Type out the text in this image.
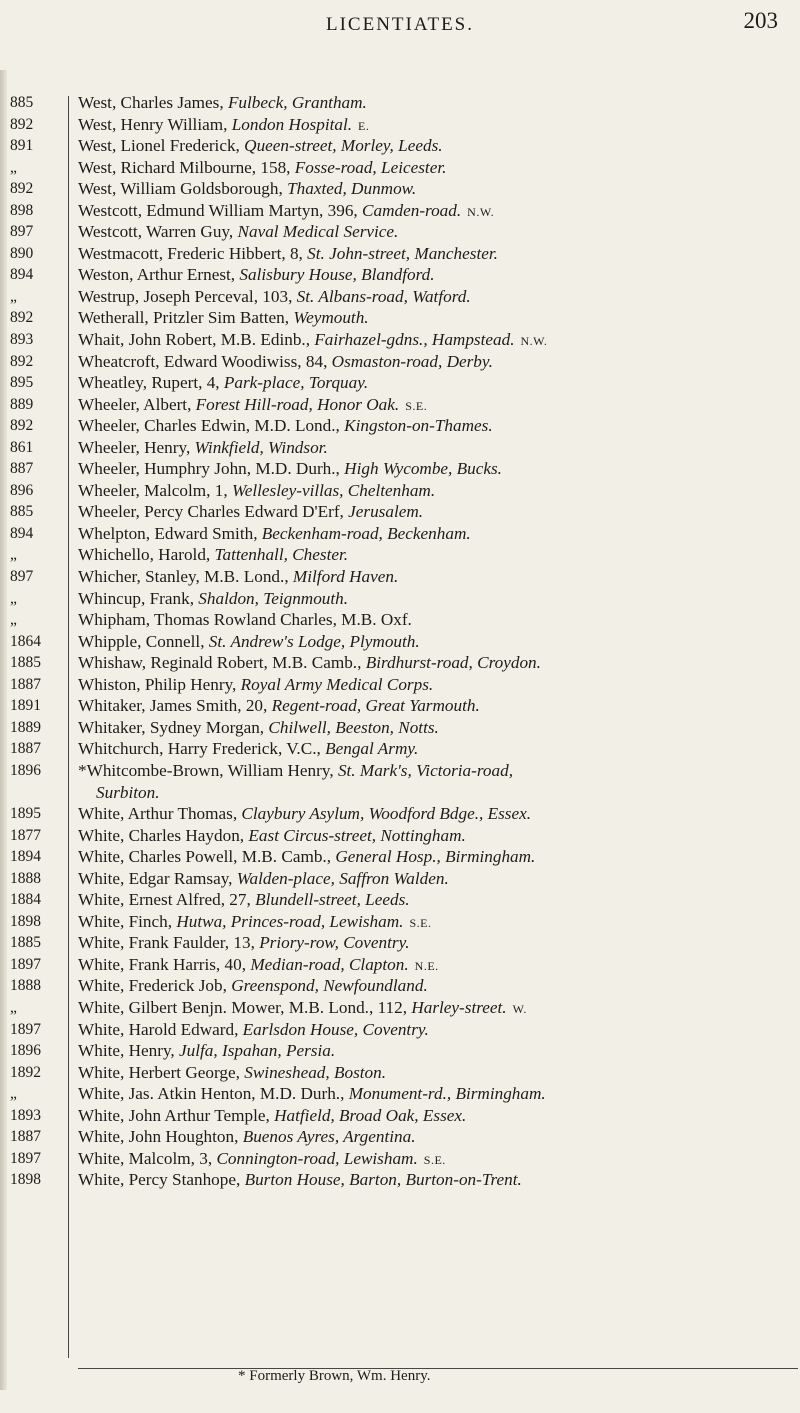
LICENTIATES.	203
885	West, Charles James, Fulbeck, Grantham.
892	West, Henry William, London Hospital. E.
891	West, Lionel Frederick, Queen-street, Morley, Leeds.
„	West, Richard Milbourne, 158, Fosse-road, Leicester.
892	West, William Goldsborough, Thaxted, Dunmow.
898	Westcott, Edmund William Martyn, 396, Camden-road. N.W.
897	Westcott, Warren Guy, Naval Medical Service.
890	Westmacott, Frederic Hibbert, 8, St. John-street, Manchester.
894	Weston, Arthur Ernest, Salisbury House, Blandford.
„	Westrup, Joseph Perceval, 103, St. Albans-road, Watford.
892	Wetherall, Pritzler Sim Batten, Weymouth.
893	Whait, John Robert, M.B. Edinb., Fairhazel-gdns., Hampstead. N.W.
892	Wheatcroft, Edward Woodiwiss, 84, Osmaston-road, Derby.
895	Wheatley, Rupert, 4, Park-place, Torquay.
889	Wheeler, Albert, Forest Hill-road, Honor Oak. S.E.
892	Wheeler, Charles Edwin, M.D. Lond., Kingston-on-Thames.
861	Wheeler, Henry, Winkfield, Windsor.
887	Wheeler, Humphry John, M.D. Durh., High Wycombe, Bucks.
896	Wheeler, Malcolm, 1, Wellesley-villas, Cheltenham.
885	Wheeler, Percy Charles Edward D'Erf, Jerusalem.
894	Whelpton, Edward Smith, Beckenham-road, Beckenham.
„	Whichello, Harold, Tattenhall, Chester.
897	Whicher, Stanley, M.B. Lond., Milford Haven.
„	Whincup, Frank, Shaldon, Teignmouth.
„	Whipham, Thomas Rowland Charles, M.B. Oxf.
1864	Whipple, Connell, St. Andrew's Lodge, Plymouth.
1885	Whishaw, Reginald Robert, M.B. Camb., Birdhurst-road, Croydon.
1887	Whiston, Philip Henry, Royal Army Medical Corps.
1891	Whitaker, James Smith, 20, Regent-road, Great Yarmouth.
1889	Whitaker, Sydney Morgan, Chilwell, Beeston, Notts.
1887	Whitchurch, Harry Frederick, V.C., Bengal Army.
1896	*Whitcombe-Brown, William Henry, St. Mark's, Victoria-road,
Surbiton.
1895	White, Arthur Thomas, Claybury Asylum, Woodford Bdge., Essex.
1877	White, Charles Haydon, East Circus-street, Nottingham.
1894	White, Charles Powell, M.B. Camb., General Hosp., Birmingham.
1888	White, Edgar Ramsay, Walden-place, Saffron Walden.
1884	White, Ernest Alfred, 27, Blundell-street, Leeds.
1898	White, Finch, Hutwa, Princes-road, Lewisham. S.E.
1885	White, Frank Faulder, 13, Priory-row, Coventry.
1897	White, Frank Harris, 40, Median-road, Clapton. N.E.
1888	White, Frederick Job, Greenspond, Newfoundland.
„	White, Gilbert Benjn. Mower, M.B. Lond., 112, Harley-street. W.
1897	White, Harold Edward, Earlsdon House, Coventry.
1896	White, Henry, Julfa, Ispahan, Persia.
1892	White, Herbert George, Swineshead, Boston.
„	White, Jas. Atkin Henton, M.D. Durh., Monument-rd., Birmingham.
1893	White, John Arthur Temple, Hatfield, Broad Oak, Essex.
1887	White, John Houghton, Buenos Ayres, Argentina.
1897	White, Malcolm, 3, Connington-road, Lewisham. S.E.
1898	White, Percy Stanhope, Burton House, Barton, Burton-on-Trent.
* Formerly Brown, Wm. Henry.
